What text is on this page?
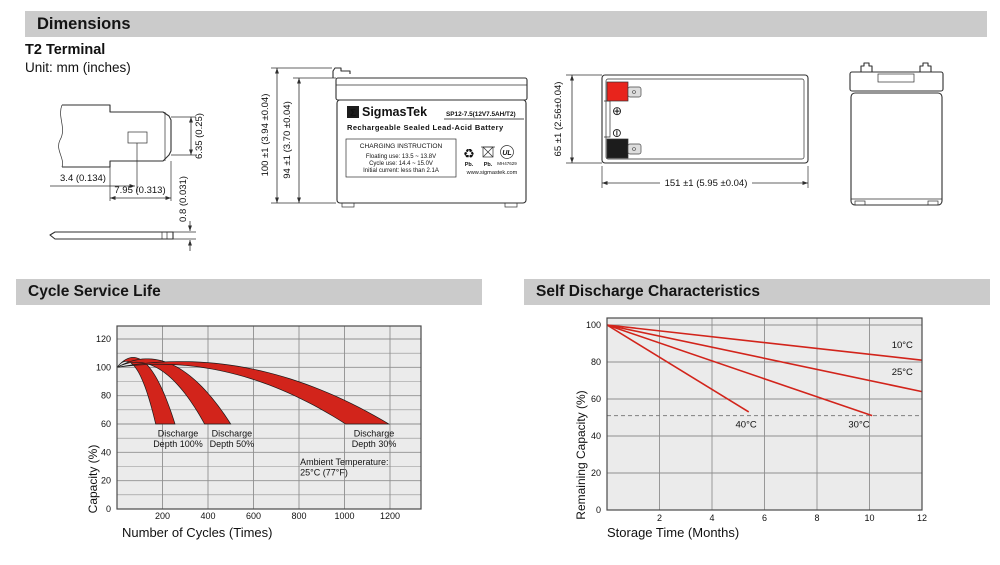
Dimensions
T2 Terminal
Unit: mm (inches)
3.4 (0.134)
7.95 (0.313)
6.35 (0.25)
0.8 (0.031)
100 ±1 (3.94 ±0.04) 94 ±1 (3.70 ±0.04)	Σ SigmasTek	SP12-7.5(12V7.5AH/T2)
Rechargeable Sealed Lead-Acid Battery
CHARGING INSTRUCTION
Floating use: 13.5 ~ 13.8V
Cycle use: 14.4 ~ 15.0V
Initial current: less than 2.1A
♻
Pb. Pb.
UL
MH47629
www.sigmastek.com
65 ±1 (2.56±0.04)	⊕
⊖
151 ±1 (5.95 ±0.04)
Cycle Service Life	Self Discharge Characteristics
0
20
40
60
80
100
120
200	400	600	800	1000	1200
Discharge Depth 100%
Discharge Depth 50%
Discharge Depth 30%
Ambient Temperature: 25°C (77°F)
10°C
25°C
30°C
40°C
0
20
40
60
80
100
2	4	6	8	10	12
Number of Cycles (Times)
Capacity (%)
Storage Time (Months)
Remaining Capacity (%)
